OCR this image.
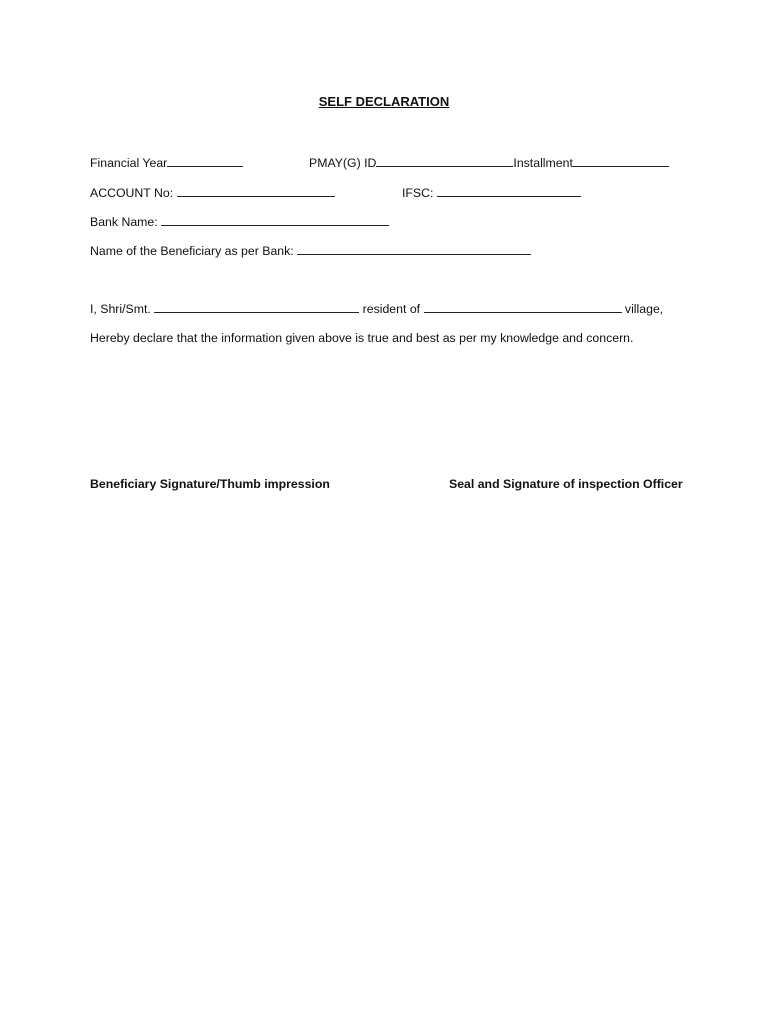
SELF DECLARATION
Financial Year	PMAY(G) ID	Installment
ACCOUNT No:	IFSC:
Bank Name:
Name of the Beneficiary as per Bank:
I, Shri/Smt.	resident of	village,
Hereby declare that the information given above is true and best as per my knowledge and concern.
Beneficiary Signature/Thumb impression	Seal and Signature of inspection Officer
